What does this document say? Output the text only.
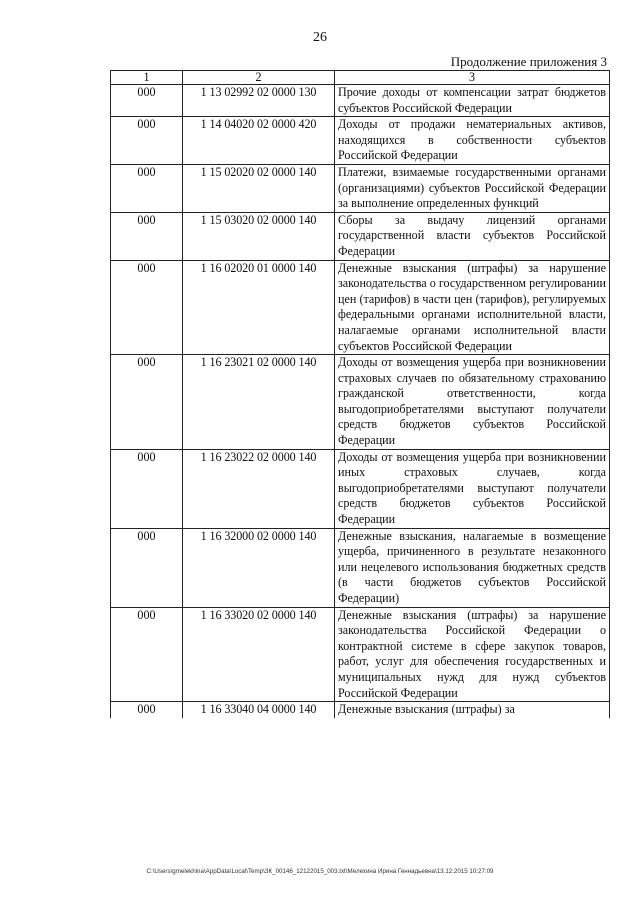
26
Продолжение приложения 3
1	2	3
000	1 13 02992 02 0000 130	Прочие доходы от компенсации затрат бюджетов субъектов Российской Федерации
000	1 14 04020 02 0000 420	Доходы от продажи нематериальных активов, находящихся в собственности субъектов Российской Федерации
000	1 15 02020 02 0000 140	Платежи, взимаемые государственными органами (организациями) субъектов Российской Федерации за выполнение определенных функций
000	1 15 03020 02 0000 140	Сборы за выдачу лицензий органами государственной власти субъектов Российской Федерации
000	1 16 02020 01 0000 140	Денежные взыскания (штрафы) за нарушение законодательства о государственном регулировании цен (тарифов) в части цен (тарифов), регулируемых федеральными органами исполнительной власти, налагаемые органами исполнительной власти субъектов Российской Федерации
000	1 16 23021 02 0000 140	Доходы от возмещения ущерба при возникновении страховых случаев по обязательному страхованию гражданской ответственности, когда выгодоприобретателями выступают получатели средств бюджетов субъектов Российской Федерации
000	1 16 23022 02 0000 140	Доходы от возмещения ущерба при возникновении иных страховых случаев, когда выгодоприобретателями выступают получатели средств бюджетов субъектов Российской Федерации
000	1 16 32000 02 0000 140	Денежные взыскания, налагаемые в возмещение ущерба, причиненного в результате незаконного или нецелевого использования бюджетных средств (в части бюджетов субъектов Российской Федерации)
000	1 16 33020 02 0000 140	Денежные взыскания (штрафы) за нарушение законодательства Российской Федерации о контрактной системе в сфере закупок товаров, работ, услуг для обеспечения государственных и муниципальных нужд для нужд субъектов Российской Федерации
000	1 16 33040 04 0000 140	Денежные взыскания (штрафы) за
C:\Users\gmelekhina\AppData\Local\Temp\ЗК_00146_12122015_003.txt\Мелехина Ирина Геннадьевна\13.12.2015 10:27:09
